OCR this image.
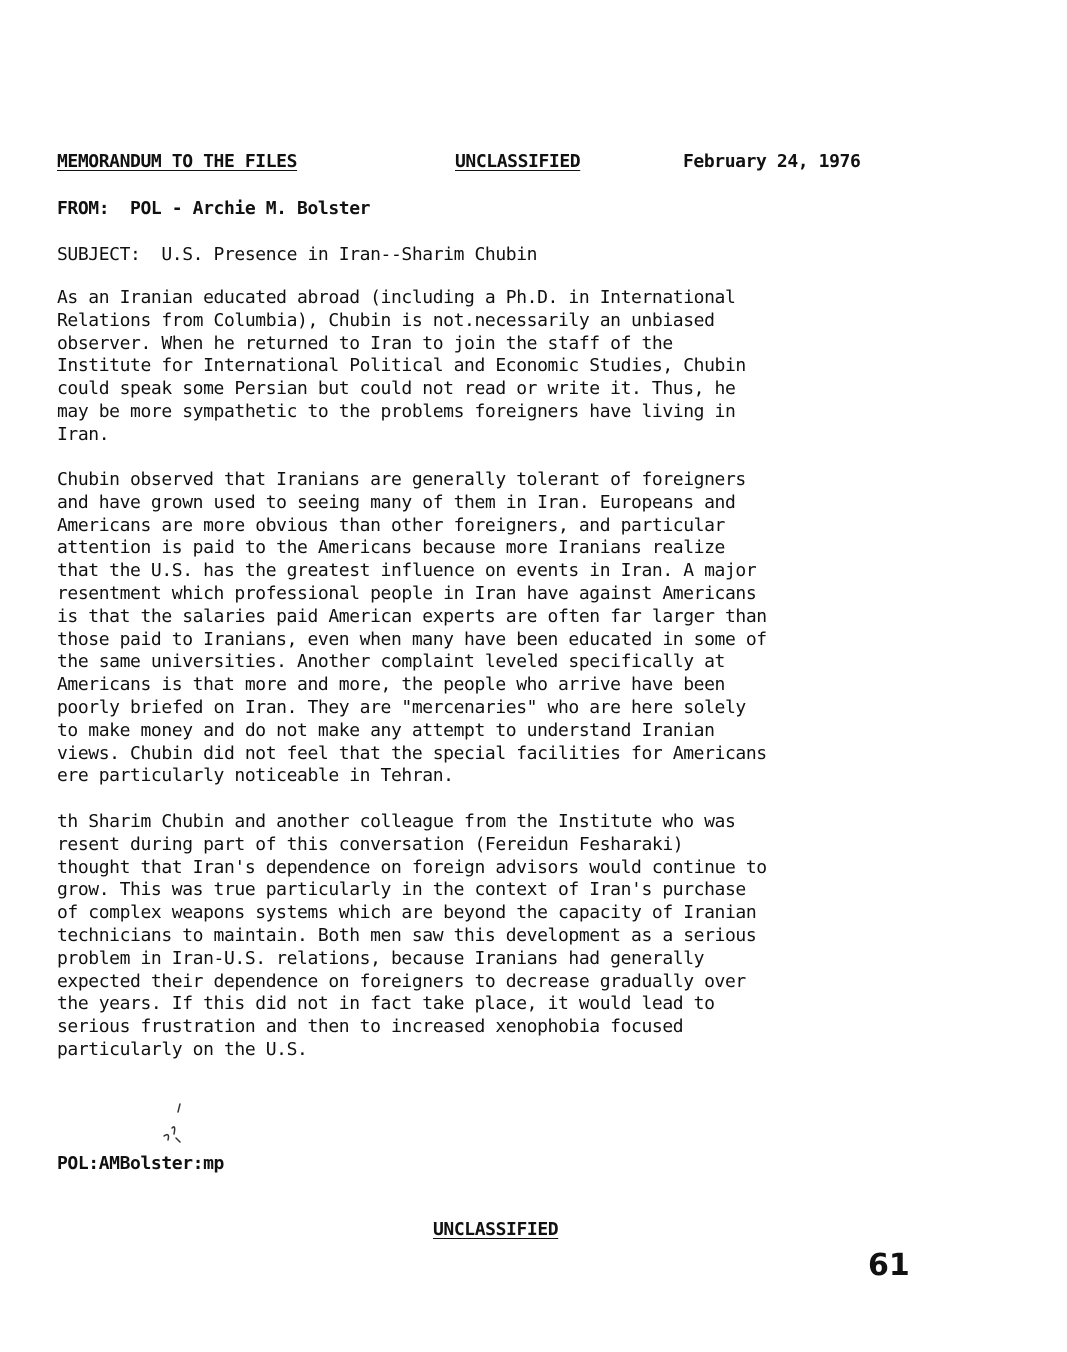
MEMORANDUM TO THE FILES	UNCLASSIFIED	February 24, 1976
FROM:  POL - Archie M. Bolster
SUBJECT:  U.S. Presence in Iran--Sharim Chubin

As an Iranian educated abroad (including a Ph.D. in International
Relations from Columbia), Chubin is not.necessarily an unbiased
observer. When he returned to Iran to join the staff of the
Institute for International Political and Economic Studies, Chubin
could speak some Persian but could not read or write it. Thus, he
may be more sympathetic to the problems foreigners have living in
Iran.

Chubin observed that Iranians are generally tolerant of foreigners
and have grown used to seeing many of them in Iran. Europeans and
Americans are more obvious than other foreigners, and particular
attention is paid to the Americans because more Iranians realize
that the U.S. has the greatest influence on events in Iran. A major
resentment which professional people in Iran have against Americans
is that the salaries paid American experts are often far larger than
those paid to Iranians, even when many have been educated in some of
the same universities. Another complaint leveled specifically at
Americans is that more and more, the people who arrive have been
poorly briefed on Iran. They are "mercenaries" who are here solely
to make money and do not make any attempt to understand Iranian
views. Chubin did not feel that the special facilities for Americans
ere particularly noticeable in Tehran.

th Sharim Chubin and another colleague from the Institute who was
resent during part of this conversation (Fereidun Fesharaki)
thought that Iran's dependence on foreign advisors would continue to
grow. This was true particularly in the context of Iran's purchase
of complex weapons systems which are beyond the capacity of Iranian
technicians to maintain. Both men saw this development as a serious
problem in Iran-U.S. relations, because Iranians had generally
expected their dependence on foreigners to decrease gradually over
the years. If this did not in fact take place, it would lead to
serious frustration and then to increased xenophobia focused
particularly on the U.S.

POL:AMBolster:mp
UNCLASSIFIED
61
